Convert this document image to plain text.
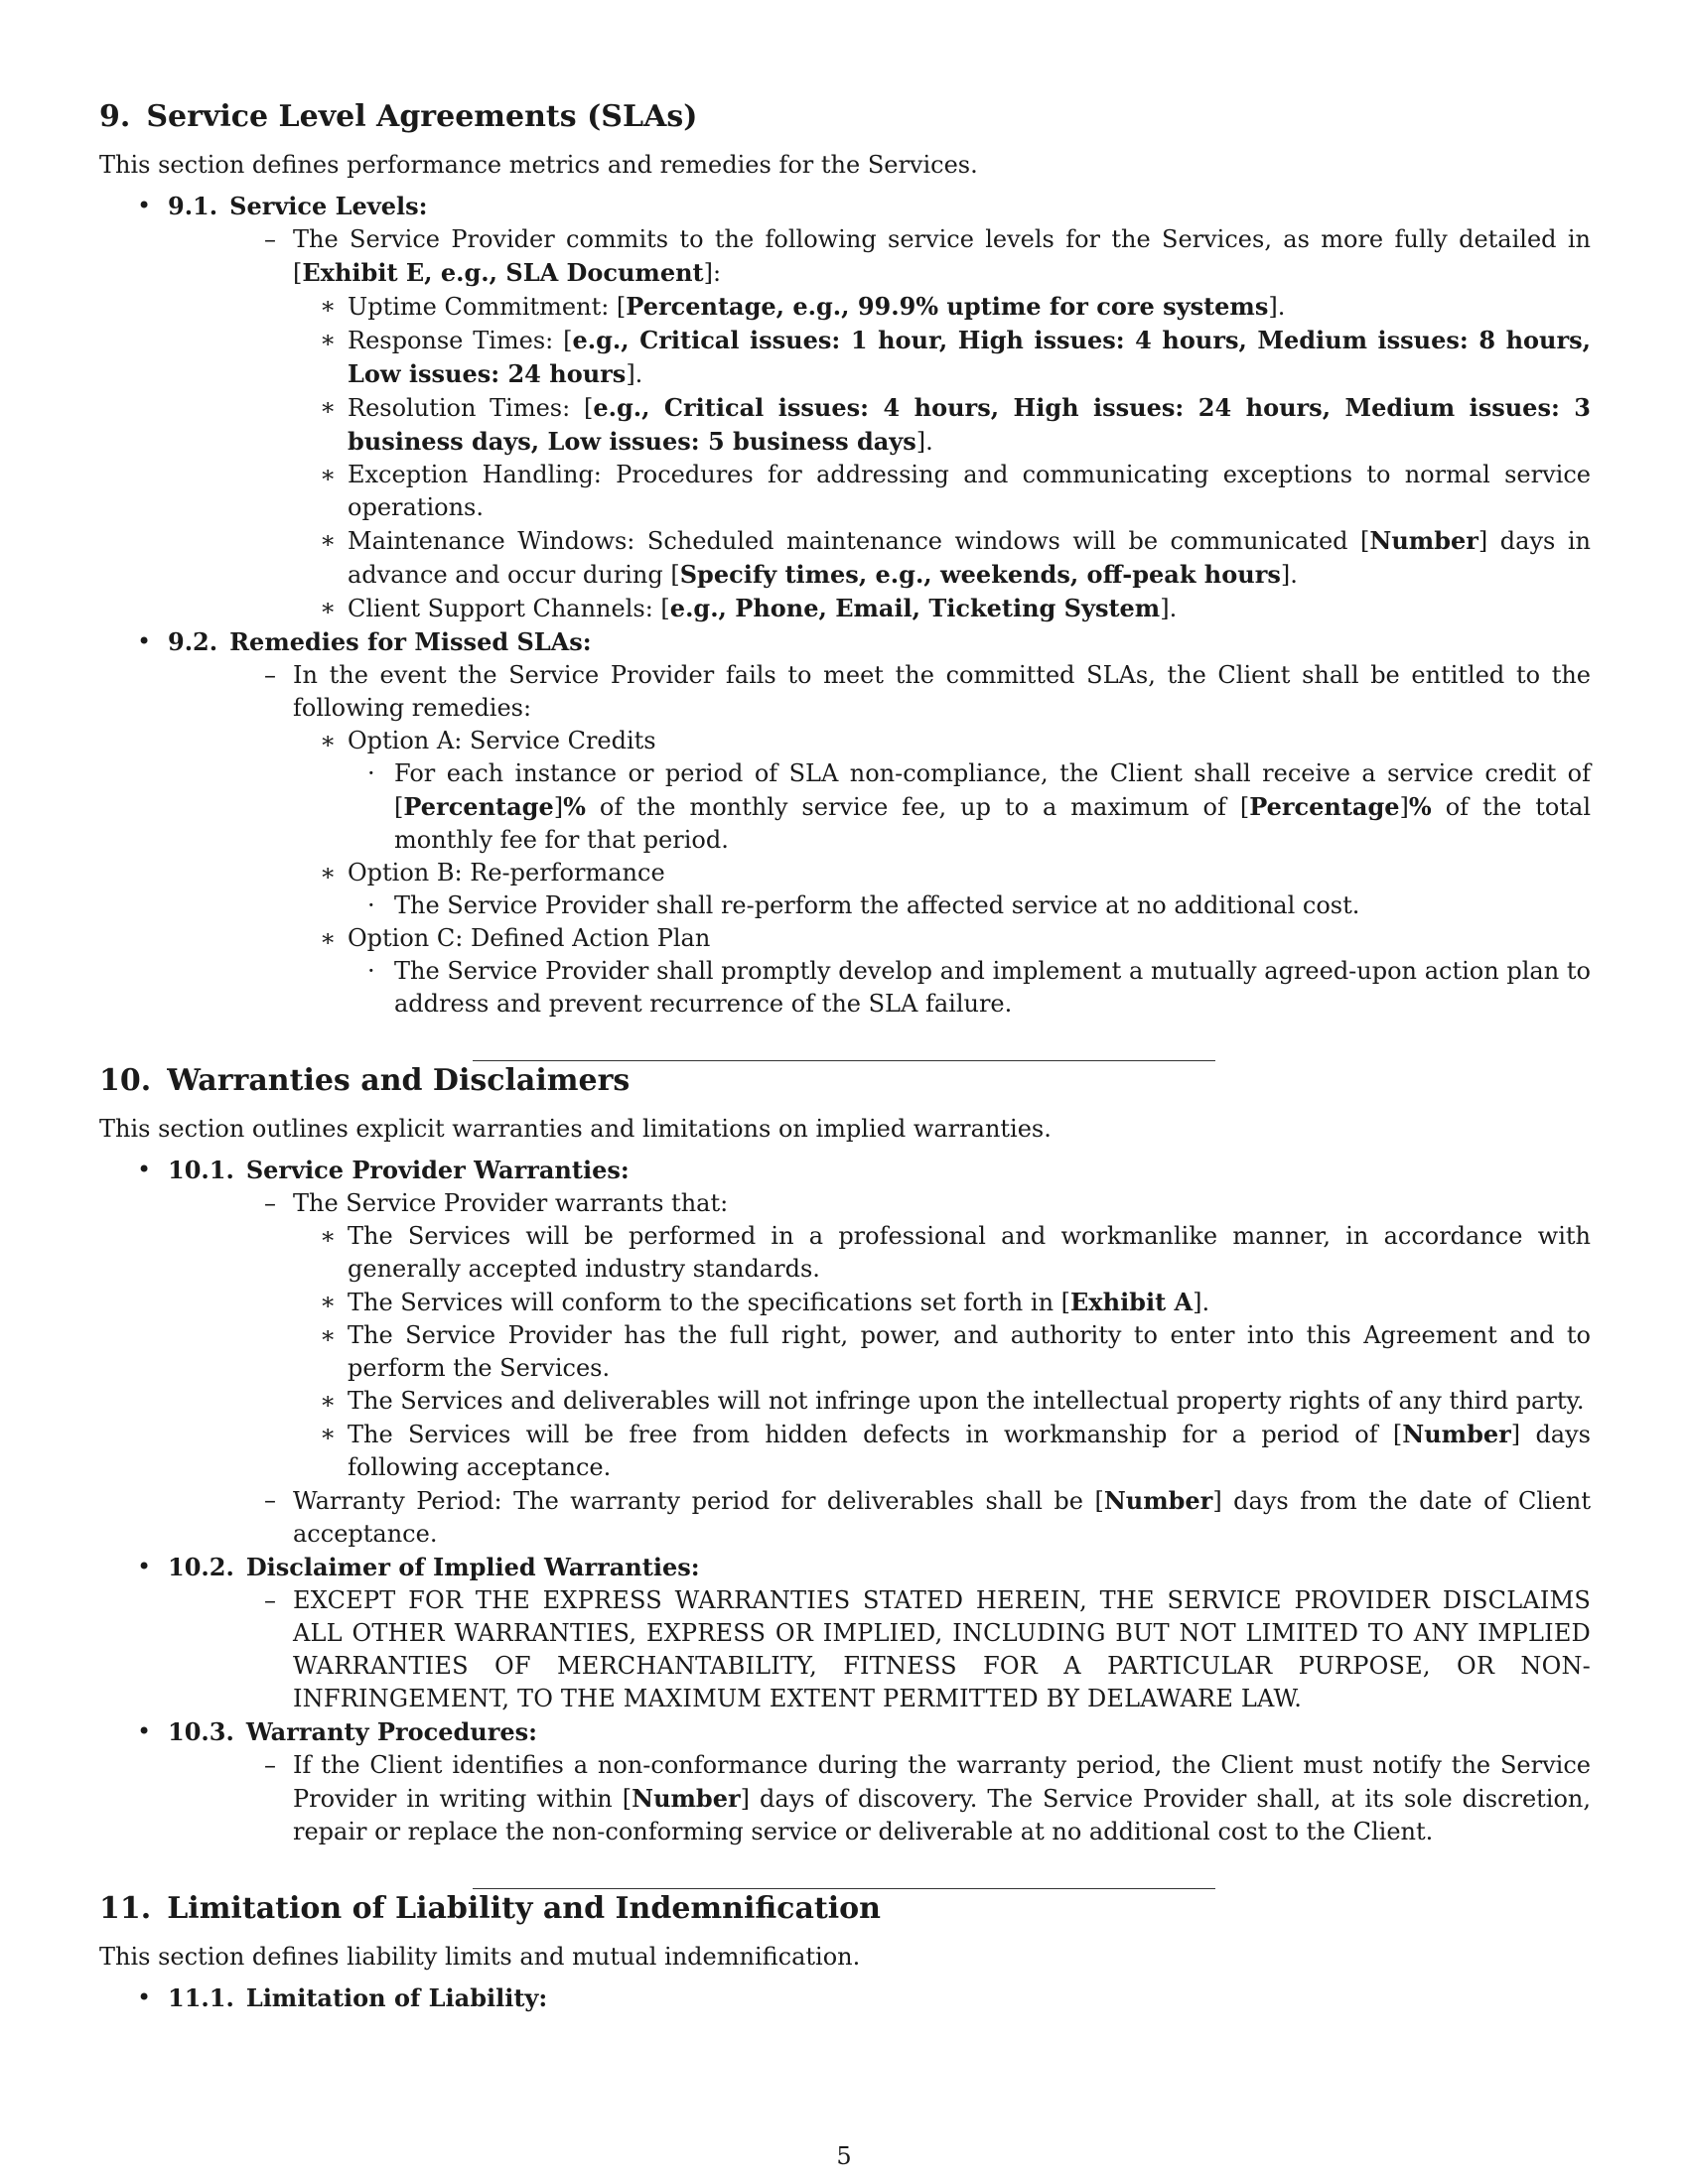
9. Service Level Agreements (SLAs)

This section defines performance metrics and remedies for the Services.

• 9.1. Service Levels:
– The Service Provider commits to the following service levels for the Services, as more fully detailed in [Exhibit E, e.g., SLA Document]:
∗ Uptime Commitment: [Percentage, e.g., 99.9% uptime for core systems].
∗ Response Times: [e.g., Critical issues: 1 hour, High issues: 4 hours, Medium issues: 8 hours, Low issues: 24 hours].
∗ Resolution Times: [e.g., Critical issues: 4 hours, High issues: 24 hours, Medium issues: 3 business days, Low issues: 5 business days].
∗ Exception Handling: Procedures for addressing and communicating exceptions to normal service operations.
∗ Maintenance Windows: Scheduled maintenance windows will be communicated [Number] days in advance and occur during [Specify times, e.g., weekends, off-peak hours].
∗ Client Support Channels: [e.g., Phone, Email, Ticketing System].
• 9.2. Remedies for Missed SLAs:
– In the event the Service Provider fails to meet the committed SLAs, the Client shall be entitled to the following remedies:
∗ Option A: Service Credits
· For each instance or period of SLA non-compliance, the Client shall receive a service credit of [Percentage]% of the monthly service fee, up to a maximum of [Percentage]% of the total monthly fee for that period.
∗ Option B: Re-performance
· The Service Provider shall re-perform the affected service at no additional cost.
∗ Option C: Defined Action Plan
· The Service Provider shall promptly develop and implement a mutually agreed-upon action plan to address and prevent recurrence of the SLA failure.
10. Warranties and Disclaimers

This section outlines explicit warranties and limitations on implied warranties.

• 10.1. Service Provider Warranties:
– The Service Provider warrants that:
∗ The Services will be performed in a professional and workmanlike manner, in accordance with generally accepted industry standards.
∗ The Services will conform to the specifications set forth in [Exhibit A].
∗ The Service Provider has the full right, power, and authority to enter into this Agreement and to perform the Services.
∗ The Services and deliverables will not infringe upon the intellectual property rights of any third party.
∗ The Services will be free from hidden defects in workmanship for a period of [Number] days following acceptance.
– Warranty Period: The warranty period for deliverables shall be [Number] days from the date of Client acceptance.
• 10.2. Disclaimer of Implied Warranties:
– EXCEPT FOR THE EXPRESS WARRANTIES STATED HEREIN, THE SERVICE PROVIDER DISCLAIMS ALL OTHER WARRANTIES, EXPRESS OR IMPLIED, INCLUDING BUT NOT LIMITED TO ANY IMPLIED WARRANTIES OF MERCHANTABILITY, FITNESS FOR A PARTICULAR PURPOSE, OR NON-INFRINGEMENT, TO THE MAXIMUM EXTENT PERMITTED BY DELAWARE LAW.
• 10.3. Warranty Procedures:
– If the Client identifies a non-conformance during the warranty period, the Client must notify the Service Provider in writing within [Number] days of discovery. The Service Provider shall, at its sole discretion, repair or replace the non-conforming service or deliverable at no additional cost to the Client.
11. Limitation of Liability and Indemnification

This section defines liability limits and mutual indemnification.

• 11.1. Limitation of Liability:
5
